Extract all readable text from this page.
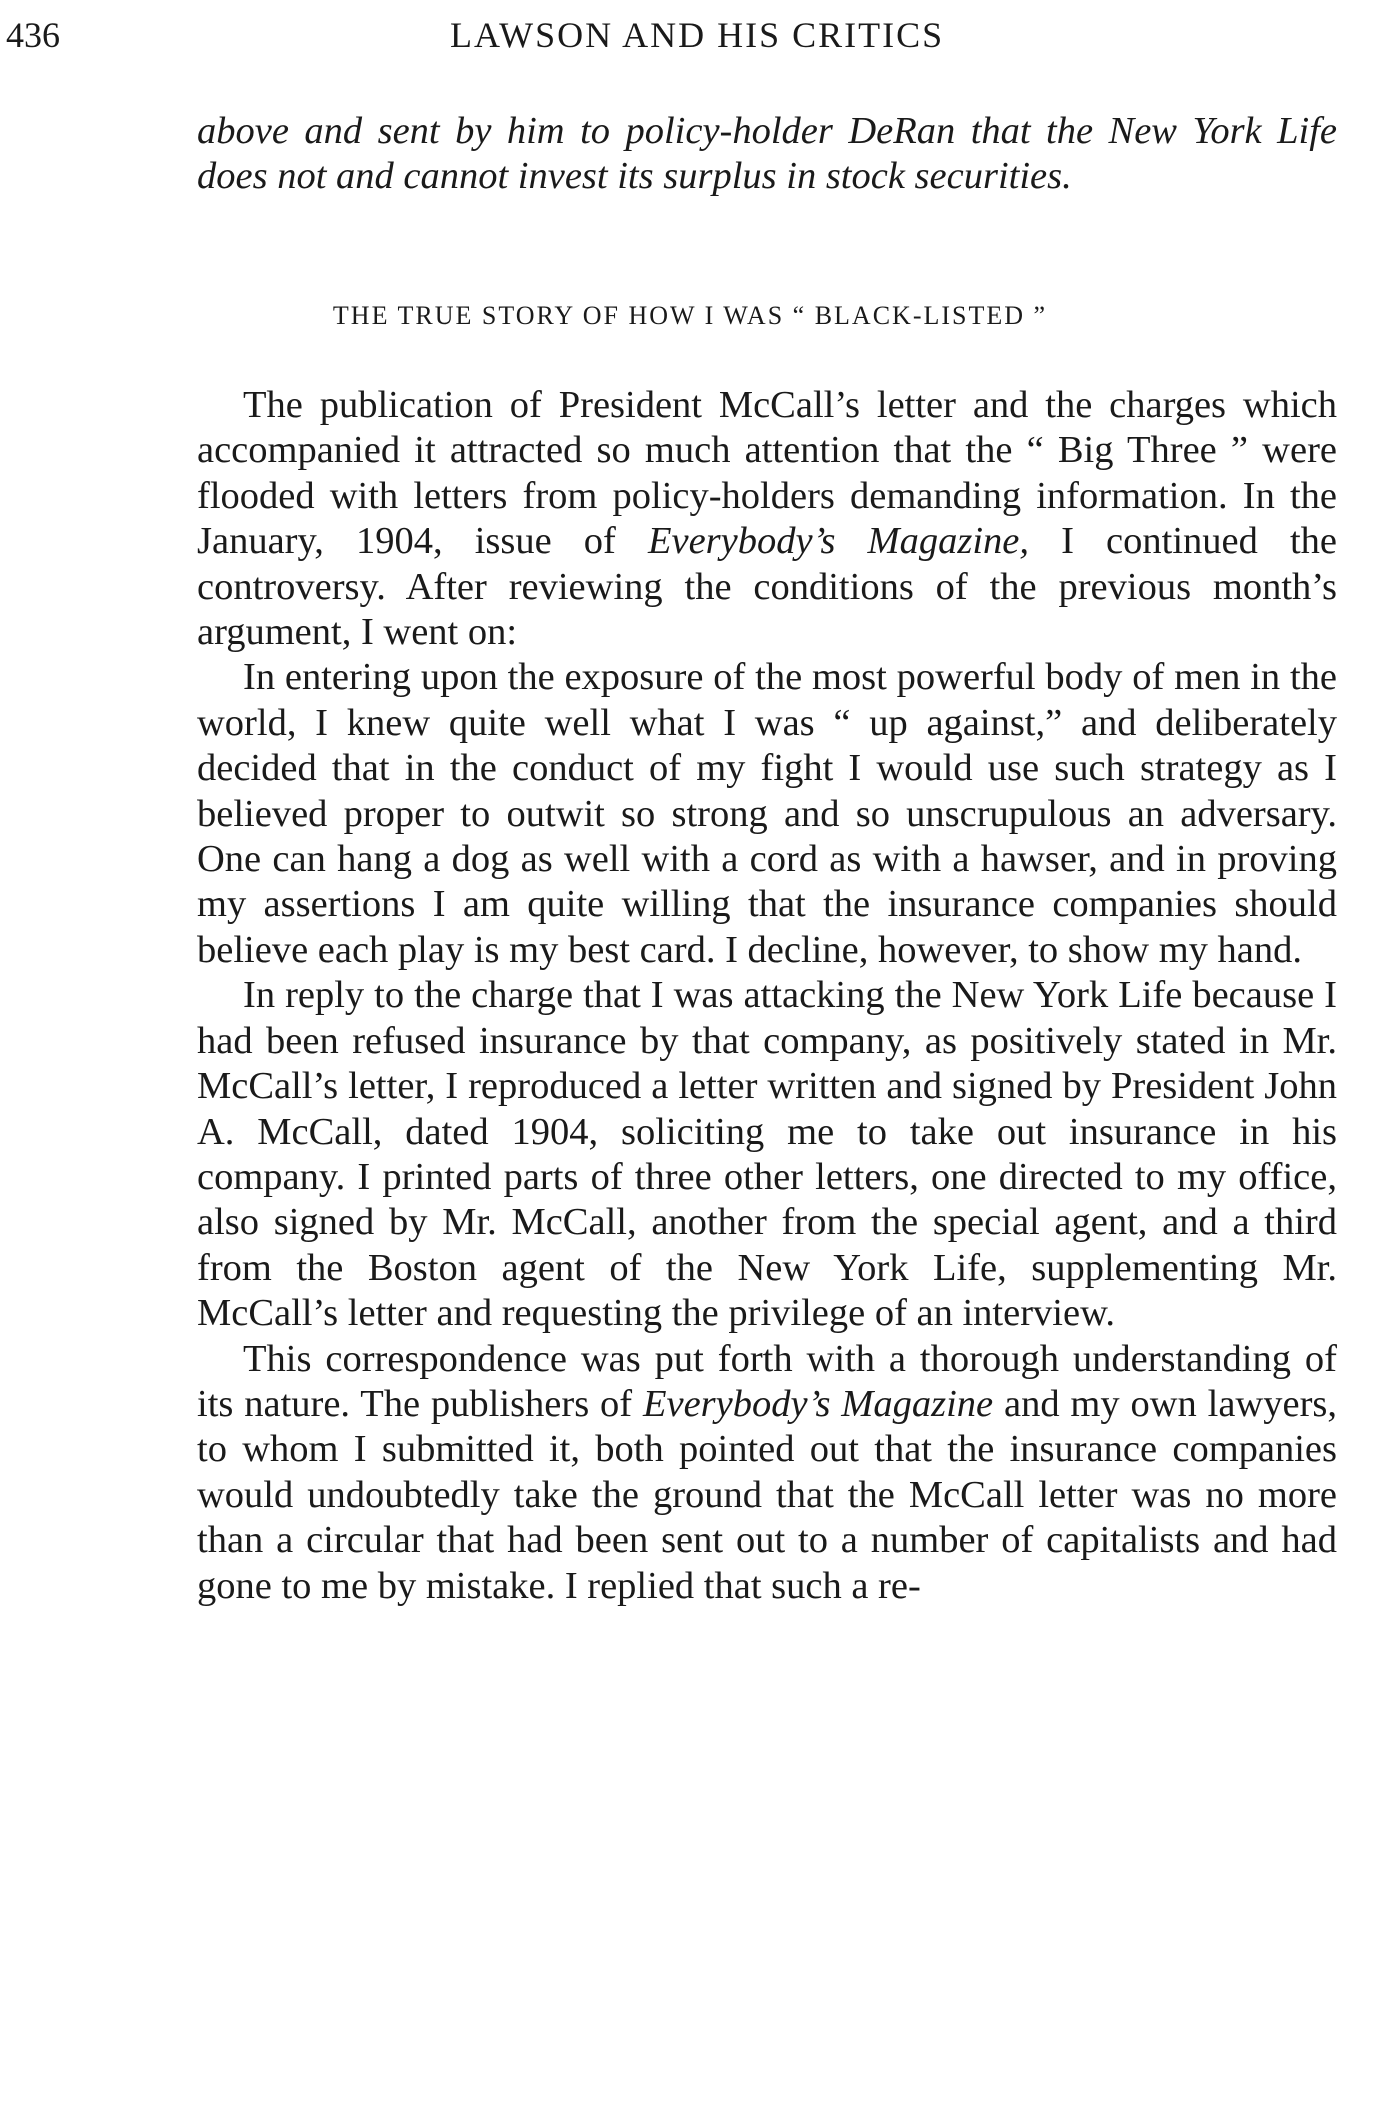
436	LAWSON AND HIS CRITICS
above and sent by him to policy-holder DeRan that the New York Life does not and cannot invest its surplus in stock securities.
THE TRUE STORY OF HOW I WAS “ BLACK-LISTED ”

The publication of President McCall’s letter and the charges which accompanied it attracted so much attention that the “ Big Three ” were flooded with letters from policy-holders demanding information. In the January, 1904, issue of Everybody’s Magazine, I continued the controversy. After reviewing the conditions of the previous month’s argument, I went on:

In entering upon the exposure of the most powerful body of men in the world, I knew quite well what I was “ up against,” and deliberately decided that in the conduct of my fight I would use such strategy as I believed proper to outwit so strong and so unscrupulous an adversary. One can hang a dog as well with a cord as with a hawser, and in proving my assertions I am quite willing that the insurance companies should believe each play is my best card. I decline, however, to show my hand.

In reply to the charge that I was attacking the New York Life because I had been refused insurance by that company, as positively stated in Mr. McCall’s letter, I reproduced a letter written and signed by President John A. McCall, dated 1904, soliciting me to take out insurance in his company. I printed parts of three other letters, one directed to my office, also signed by Mr. McCall, another from the special agent, and a third from the Boston agent of the New York Life, supplementing Mr. McCall’s letter and requesting the privilege of an interview.

This correspondence was put forth with a thorough understanding of its nature. The publishers of Everybody’s Magazine and my own lawyers, to whom I submitted it, both pointed out that the insurance companies would undoubtedly take the ground that the McCall letter was no more than a circular that had been sent out to a number of capitalists and had gone to me by mistake. I replied that such a re-
